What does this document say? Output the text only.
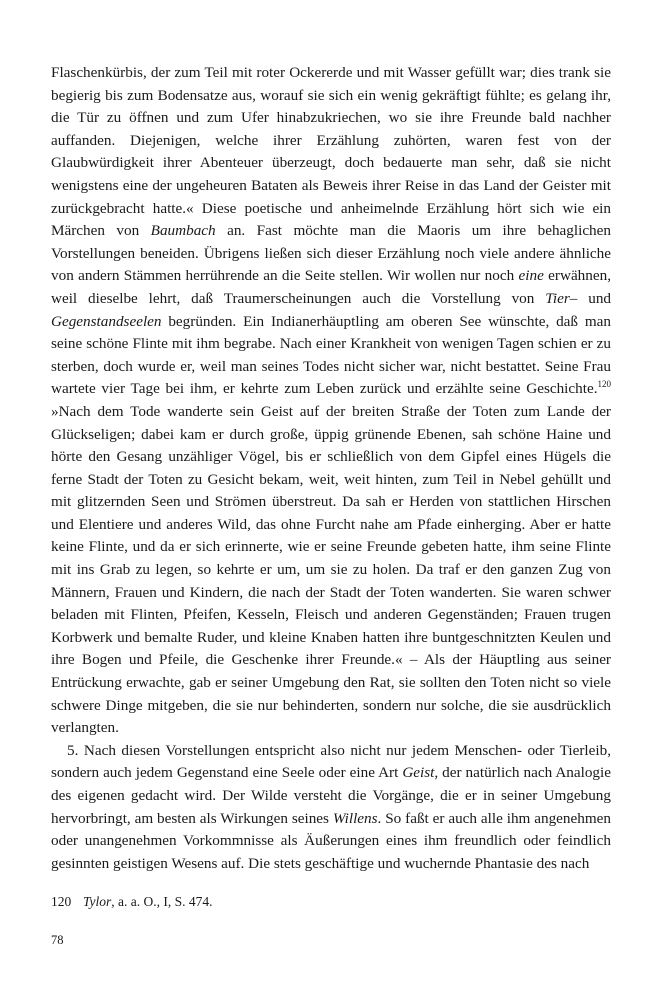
Flaschenkürbis, der zum Teil mit roter Ockererde und mit Wasser gefüllt war; dies trank sie begierig bis zum Bodensatze aus, worauf sie sich ein wenig gekräftigt fühlte; es gelang ihr, die Tür zu öffnen und zum Ufer hinabzukriechen, wo sie ihre Freunde bald nachher auffanden. Diejenigen, welche ihrer Erzählung zuhörten, waren fest von der Glaubwürdigkeit ihrer Abenteuer überzeugt, doch bedauerte man sehr, daß sie nicht wenigstens eine der ungeheuren Bataten als Beweis ihrer Reise in das Land der Geister mit zurückgebracht hatte.« Diese poetische und anheimelnde Erzählung hört sich wie ein Märchen von Baumbach an. Fast möchte man die Maoris um ihre behaglichen Vorstellungen beneiden. Übrigens ließen sich dieser Erzählung noch viele andere ähnliche von andern Stämmen herrührende an die Seite stellen. Wir wollen nur noch eine erwähnen, weil dieselbe lehrt, daß Traumerscheinungen auch die Vorstellung von Tier– und Gegenstandseelen begründen. Ein Indianerhäuptling am oberen See wünschte, daß man seine schöne Flinte mit ihm begrabe. Nach einer Krankheit von wenigen Tagen schien er zu sterben, doch wurde er, weil man seines Todes nicht sicher war, nicht bestattet. Seine Frau wartete vier Tage bei ihm, er kehrte zum Leben zurück und erzählte seine Geschichte.$^{120}$ »Nach dem Tode wanderte sein Geist auf der breiten Straße der Toten zum Lande der Glückseligen; dabei kam er durch große, üppig grünende Ebenen, sah schöne Haine und hörte den Gesang unzähliger Vögel, bis er schließlich von dem Gipfel eines Hügels die ferne Stadt der Toten zu Gesicht bekam, weit, weit hinten, zum Teil in Nebel gehüllt und mit glitzernden Seen und Strömen überstreut. Da sah er Herden von stattlichen Hirschen und Elentiere und anderes Wild, das ohne Furcht nahe am Pfade einherging. Aber er hatte keine Flinte, und da er sich erinnerte, wie er seine Freunde gebeten hatte, ihm seine Flinte mit ins Grab zu legen, so kehrte er um, um sie zu holen. Da traf er den ganzen Zug von Männern, Frauen und Kindern, die nach der Stadt der Toten wanderten. Sie waren schwer beladen mit Flinten, Pfeifen, Kesseln, Fleisch und anderen Gegenständen; Frauen trugen Korbwerk und bemalte Ruder, und kleine Knaben hatten ihre buntgeschnitzten Keulen und ihre Bogen und Pfeile, die Geschenke ihrer Freunde.« – Als der Häuptling aus seiner Entrückung erwachte, gab er seiner Umgebung den Rat, sie sollten den Toten nicht so viele schwere Dinge mitgeben, die sie nur behinderten, sondern nur solche, die sie ausdrücklich verlangten.

5. Nach diesen Vorstellungen entspricht also nicht nur jedem Menschen- oder Tierleib, sondern auch jedem Gegenstand eine Seele oder eine Art Geist, der natürlich nach Analogie des eigenen gedacht wird. Der Wilde versteht die Vorgänge, die er in seiner Umgebung hervorbringt, am besten als Wirkungen seines Willens. So faßt er auch alle ihm angenehmen oder unangenehmen Vorkommnisse als Äußerungen eines ihm freundlich oder feindlich gesinnten geistigen Wesens auf. Die stets geschäftige und wuchernde Phantasie des nach

120 Tylor, a. a. O., I, S. 474.
78
